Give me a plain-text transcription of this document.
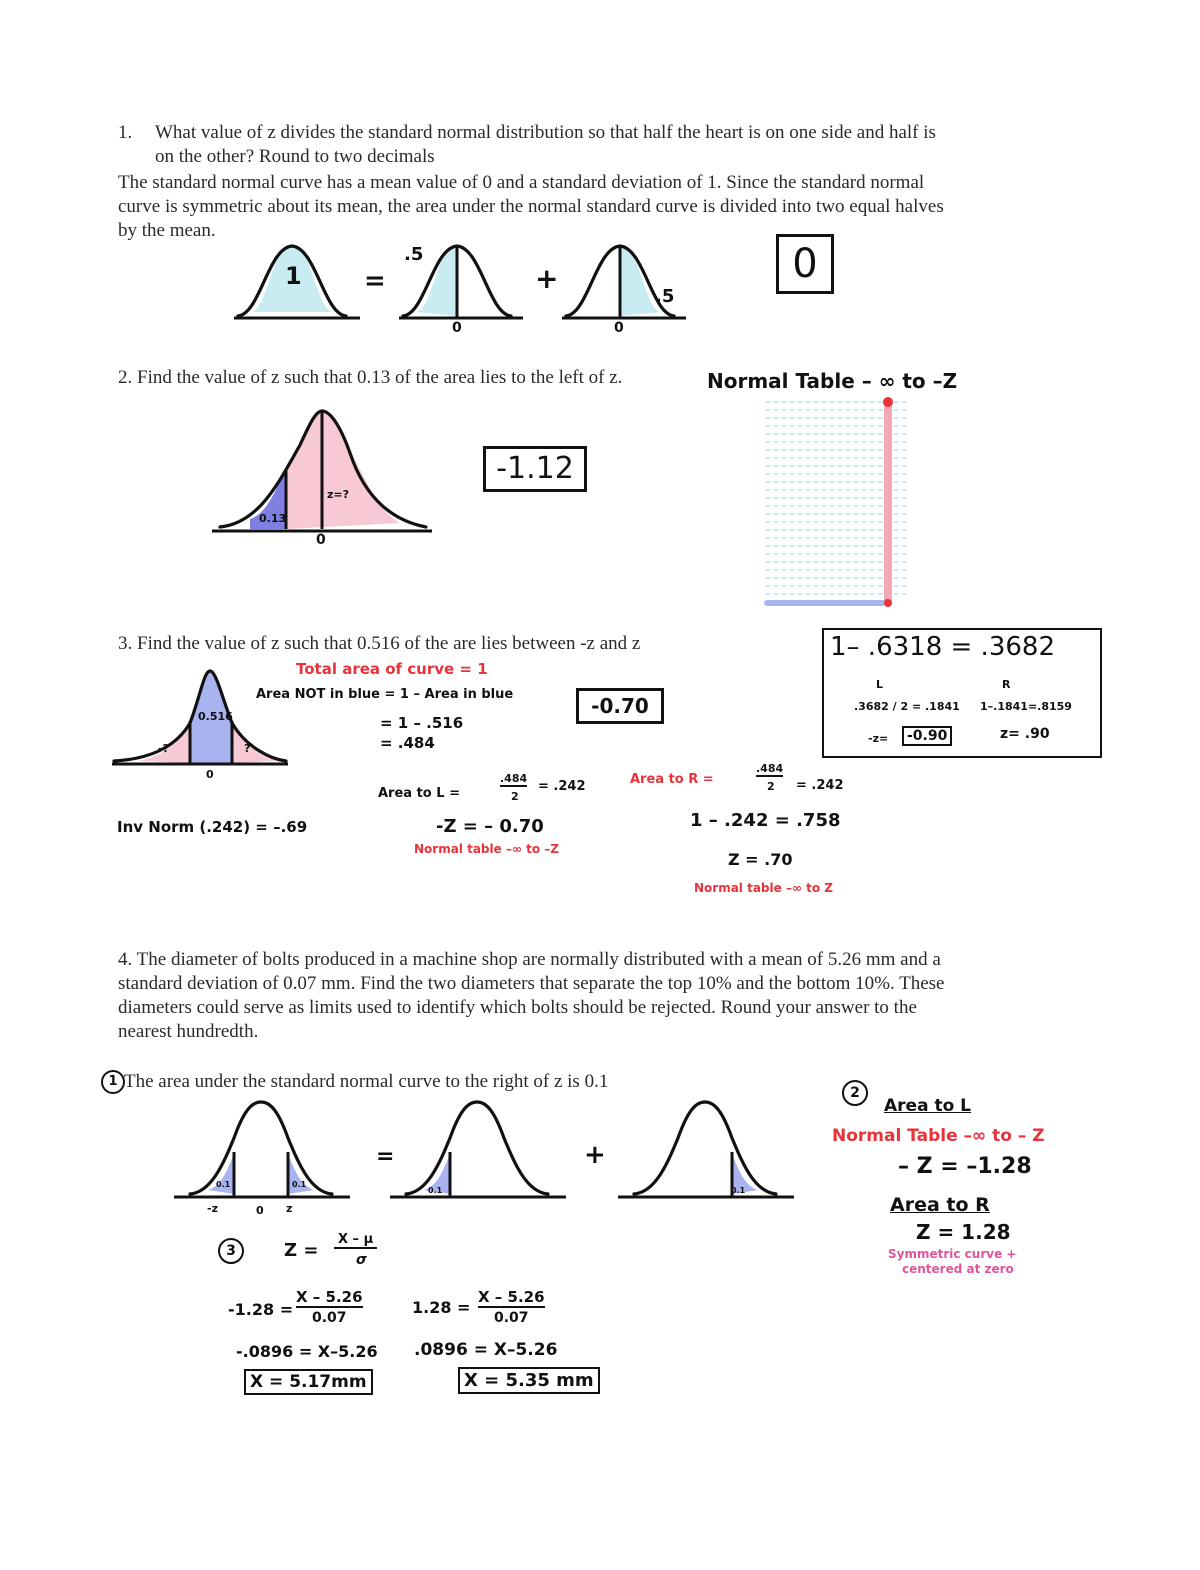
1. What value of z divides the standard normal distribution so that half the heart is on one side and half is
on the other? Round to two decimals
The standard normal curve has a mean value of 0 and a standard deviation of 1. Since the standard normal
curve is symmetric about its mean, the area under the normal standard curve is divided into two equal halves
by the mean.
1 =
.5
0
+
.5
0
0
2. Find the value of z such that 0.13 of the area lies to the left of z.	Normal Table – ∞ to –Z
0.13
z=?
0
-1.12
3. Find the value of z such that 0.516 of the are lies between -z and z
0.516
-?	?
0
Total area of curve = 1
Area NOT in blue = 1 – Area in blue
= 1 – .516
= .484
-0.70
1– .6318 = .3682
L	R
.3682 / 2 = .1841 1–.1841=.8159
-z=	-0.90	z= .90
Area to L =
.484
2
= .242	Area to R =
.484
2 = .242
Inv Norm (.242) = –.69	-Z = – 0.70
Normal table –∞ to –Z
1 – .242 = .758
Z = .70
Normal table –∞ to Z
4. The diameter of bolts produced in a machine shop are normally distributed with a mean of 5.26 mm and a
standard deviation of 0.07 mm. Find the two diameters that separate the top 10% and the bottom 10%. These
diameters could serve as limits used to identify which bolts should be rejected. Round your answer to the
nearest hundredth.
1 The area under the standard normal curve to the right of z is 0.1
0.1	0.1
-z	0 z
=
0.1
+
0.1
2
Area to L
Normal Table –∞ to – Z
– Z = –1.28
Area to R
Z = 1.28
Symmetric curve +
centered at zero
3	Z =
X – μ
σ
-1.28 =
X – 5.26
0.07
-.0896 = X–5.26
X = 5.17mm
1.28 =
X – 5.26
0.07
.0896 = X–5.26
X = 5.35 mm
